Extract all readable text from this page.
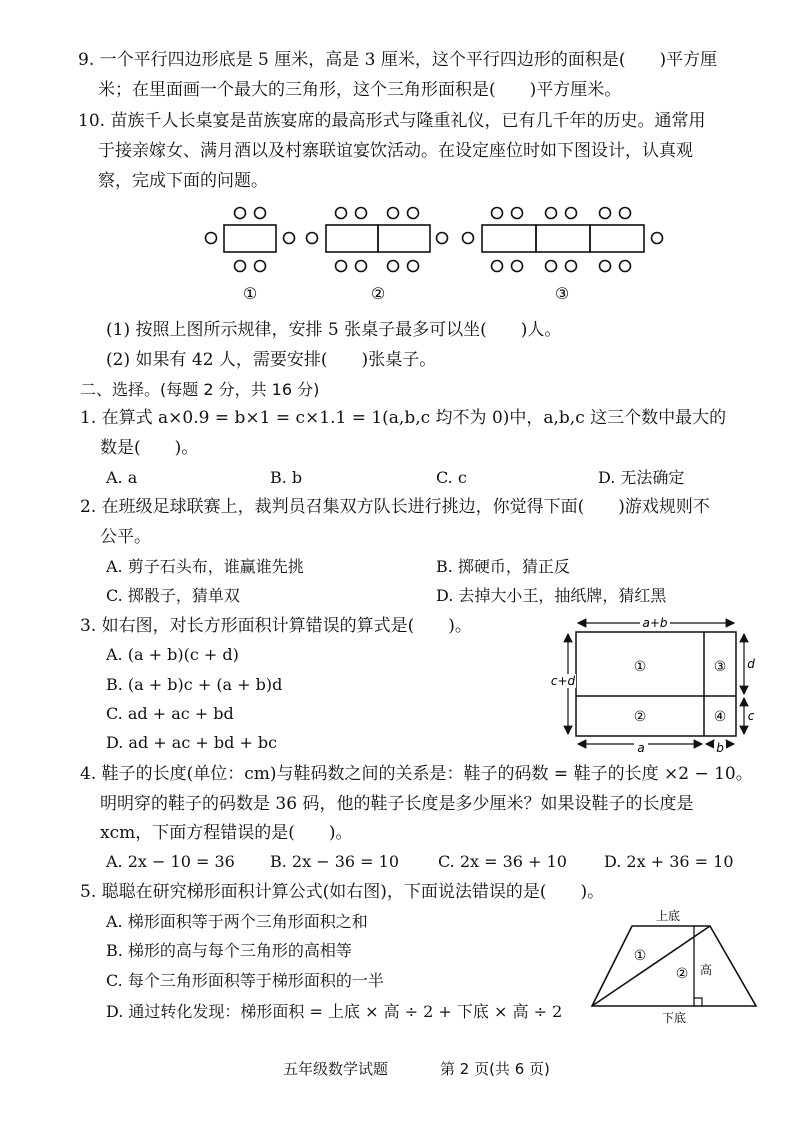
9. 一个平行四边形底是 5 厘米，高是 3 厘米，这个平行四边形的面积是(　　)平方厘
米；在里面画一个最大的三角形，这个三角形面积是(　　)平方厘米。
10. 苗族千人长桌宴是苗族宴席的最高形式与隆重礼仪，已有几千年的历史。通常用
于接亲嫁女、满月酒以及村寨联谊宴饮活动。在设定座位时如下图设计，认真观
察，完成下面的问题。
①	②	③
(1) 按照上图所示规律，安排 5 张桌子最多可以坐(　　)人。
(2) 如果有 42 人，需要安排(　　)张桌子。
二、选择。(每题 2 分，共 16 分)
1. 在算式 a×0.9 = b×1 = c×1.1 = 1(a,b,c 均不为 0)中，a,b,c 这三个数中最大的
数是(　　)。
A. a	B. b	C. c	D. 无法确定
2. 在班级足球联赛上，裁判员召集双方队长进行挑边，你觉得下面(　　)游戏规则不
公平。
A. 剪子石头布，谁赢谁先挑	B. 掷硬币，猜正反
C. 掷骰子，猜单双	D. 去掉大小王，抽纸牌，猜红黑
3. 如右图，对长方形面积计算错误的算式是(　　)。
A. (a + b)(c + d)
B. (a + b)c + (a + b)d
C. ad + ac + bd
D. ad + ac + bd + bc
a+b
c+d
d
c
a	b
①
②
③
④
4. 鞋子的长度(单位：cm)与鞋码数之间的关系是：鞋子的码数 = 鞋子的长度 ×2 − 10。
明明穿的鞋子的码数是 36 码，他的鞋子长度是多少厘米？如果设鞋子的长度是
xcm，下面方程错误的是(　　)。
A. 2x − 10 = 36 B. 2x − 36 = 10 C. 2x = 36 + 10 D. 2x + 36 = 10
5. 聪聪在研究梯形面积计算公式(如右图)，下面说法错误的是(　　)。
A. 梯形面积等于两个三角形面积之和
B. 梯形的高与每个三角形的高相等
C. 每个三角形面积等于梯形面积的一半
D. 通过转化发现：梯形面积 = 上底 × 高 ÷ 2 + 下底 × 高 ÷ 2
上底
下底
高
①
②
五年级数学试题	第 2 页(共 6 页)
